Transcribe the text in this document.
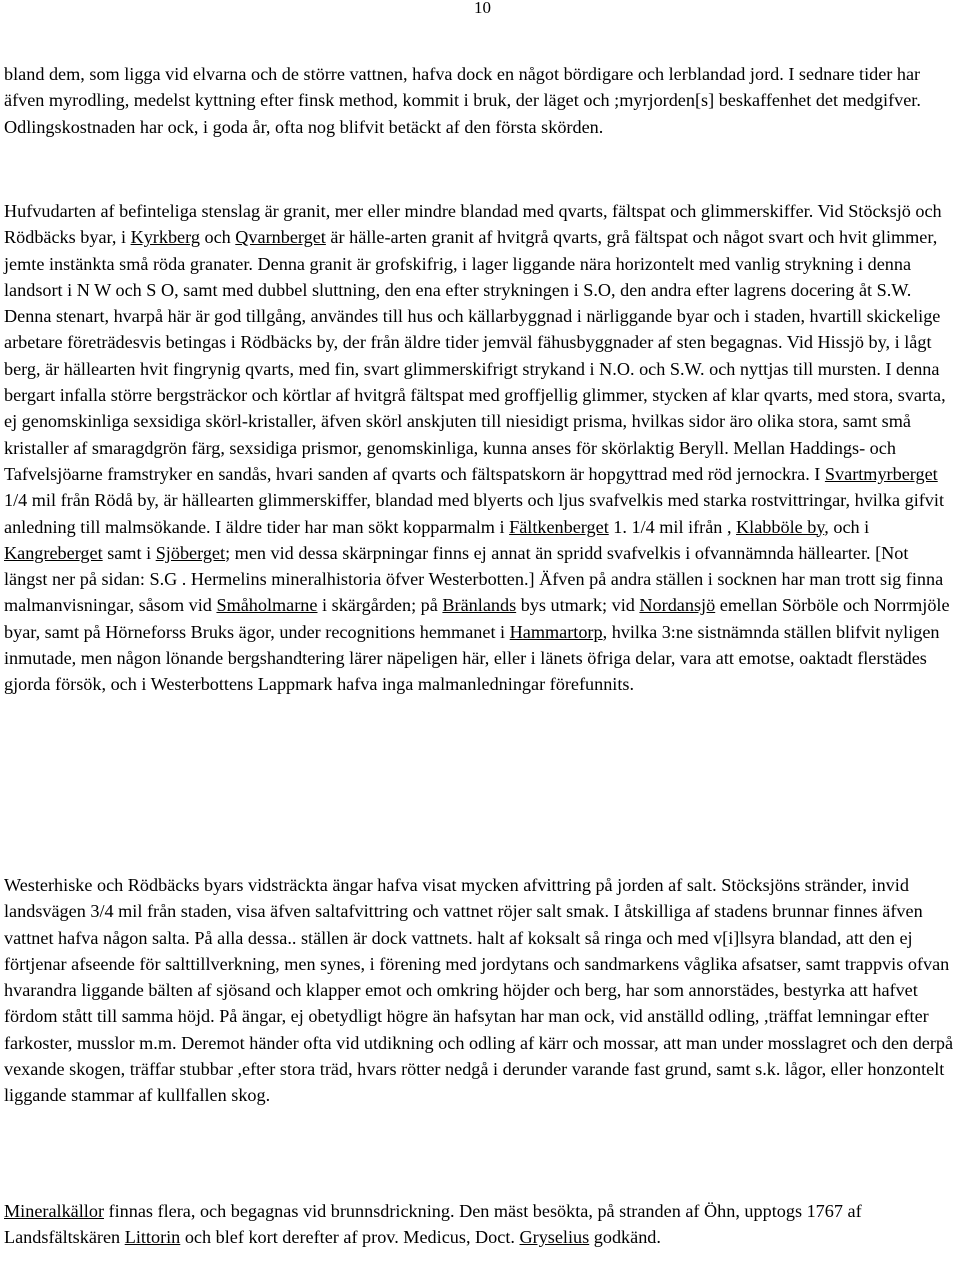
10

bland dem, som ligga vid elvarna och de större vattnen, hafva dock en något bördigare och lerblandad jord. I sednare tider har äfven myrodling, medelst kyttning efter finsk method, kommit i bruk, der läget och ;myrjorden[s] beskaffenhet det medgifver. Odlingskostnaden har ock, i goda år, ofta nog blifvit betäckt af den första skörden.

Hufvudarten af befinteliga stenslag är granit, mer eller mindre blandad med qvarts, fältspat och glimmerskiffer. Vid Stöcksjö och Rödbäcks byar, i Kyrkberg och Qvarnberget är hälle-arten granit af hvitgrå qvarts, grå fältspat och något svart och hvit glimmer, jemte instänkta små röda granater. Denna granit är grofskifrig, i lager liggande nära horizontelt med vanlig strykning i denna landsort i N W och S O, samt med dubbel sluttning, den ena efter strykningen i S.O, den andra efter lagrens docering åt S.W. Denna stenart, hvarpå här är god tillgång, användes till hus och källarbyggnad i närliggande byar och i staden, hvartill skickelige arbetare företrädesvis betingas i Rödbäcks by, der från äldre tider jemväl fähusbyggnader af sten begagnas. Vid Hissjö by, i lågt berg, är hällearten hvit fingrynig qvarts, med fin, svart glimmerskifrigt strykand i N.O. och S.W. och nyttjas till mursten. I denna bergart infalla större bergsträckor och körtlar af hvitgrå fältspat med groffjellig glimmer, stycken af klar qvarts, med stora, svarta, ej genomskinliga sexsidiga skörl-kristaller, äfven skörl anskjuten till niesidigt prisma, hvilkas sidor äro olika stora, samt små kristaller af smaragdgrön färg, sexsidiga prismor, genomskinliga, kunna anses för skörlaktig Beryll. Mellan Haddings- och Tafvelsjöarne framstryker en sandås, hvari sanden af qvarts och fältspatskorn är hopgyttrad med röd jernockra. I Svartmyrberget 1/4 mil från Rödå by, är hällearten glimmerskiffer, blandad med blyerts och ljus svafvelkis med starka rostvittringar, hvilka gifvit anledning till malmsökande. I äldre tider har man sökt kopparmalm i Fältkenberget 1. 1/4 mil ifrån , Klabböle by, och i Kangreberget samt i Sjöberget; men vid dessa skärpningar finns ej annat än spridd svafvelkis i ofvannämnda hällearter. [Not längst ner på sidan: S.G . Hermelins mineralhistoria öfver Westerbotten.] Äfven på andra ställen i socknen har man trott sig finna malmanvisningar, såsom vid Småholmarne i skärgården; på Bränlands bys utmark; vid Nordansjö emellan Sörböle och Norrmjöle byar, samt på Hörneforss Bruks ägor, under recognitions hemmanet i Hammartorp, hvilka 3:ne sistnämnda ställen blifvit nyligen inmutade, men någon lönande bergshandtering lärer näpeligen här, eller i länets öfriga delar, vara att emotse, oaktadt flerstädes gjorda försök, och i Westerbottens Lappmark hafva inga malmanledningar förefunnits.

Westerhiske och Rödbäcks byars vidsträckta ängar hafva visat mycken afvittring på jorden af salt. Stöcksjöns stränder, invid landsvägen 3/4 mil från staden, visa äfven saltafvittring och vattnet röjer salt smak. I åtskilliga af stadens brunnar finnes äfven vattnet hafva någon salta. På alla dessa.. ställen är dock vattnets. halt af koksalt så ringa och med v[i]lsyra blandad, att den ej förtjenar afseende för salttillverkning, men synes, i förening med jordytans och sandmarkens våglika afsatser, samt trappvis ofvan hvarandra liggande bälten af sjösand och klapper emot och omkring höjder och berg, har som annorstädes, bestyrka att hafvet fördom stått till samma höjd. På ängar, ej obetydligt högre än hafsytan har man ock, vid anställd odling, ,träffat lemningar efter farkoster, musslor m.m. Deremot händer ofta vid utdikning och odling af kärr och mossar, att man under mosslagret och den derpå vexande skogen, träffar stubbar ,efter stora träd, hvars rötter nedgå i derunder varande fast grund, samt s.k. lågor, eller honzontelt liggande stammar af kullfallen skog.

Mineralkällor finnas flera, och begagnas vid brunnsdrickning. Den mäst besökta, på stranden af Öhn, upptogs 1767 af Landsfältskären Littorin och blef kort derefter af prov. Medicus, Doct. Gryselius godkänd.
